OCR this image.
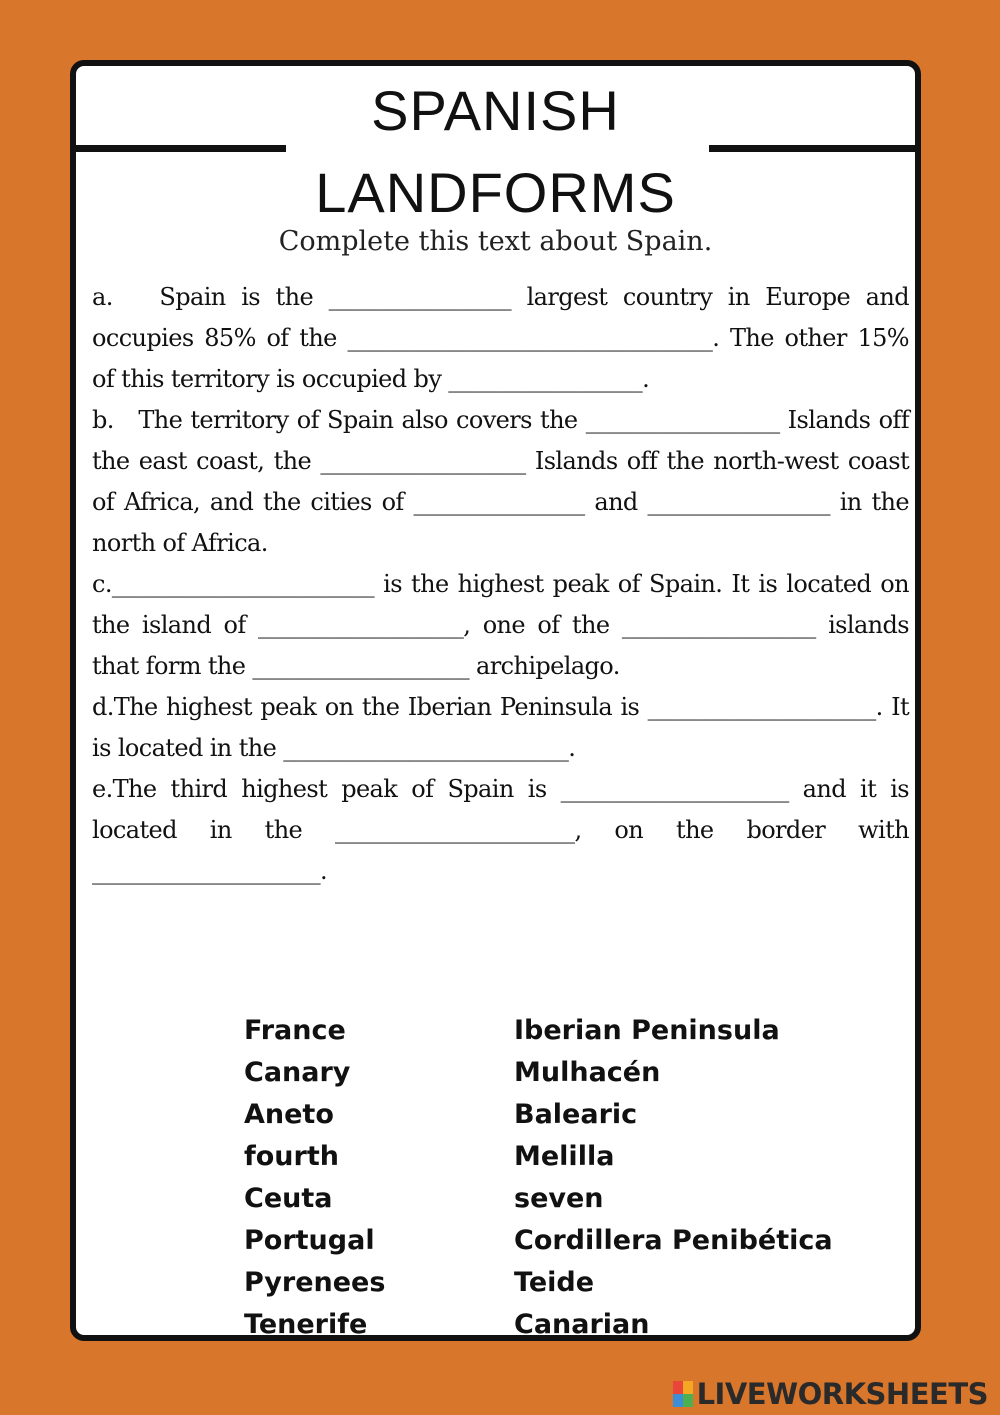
SPANISH
LANDFORMS
Complete this text about Spain.

a.   Spain is the ________________ largest country in Europe and occupies 85% of the ________________________________. The other 15% of this territory is occupied by _________________.

b.   The territory of Spain also covers the _________________ Islands off the east coast, the __________________ Islands off the north-west coast of Africa, and the cities of _______________ and ________________ in the north of Africa.

c._______________________ is the highest peak of Spain. It is located on the island of __________________, one of the _________________ islands that form the ___________________ archipelago.

d.The highest peak on the Iberian Peninsula is ____________________. It is located in the _________________________.

e.The third highest peak of Spain is ____________________ and it is located in the _____________________, on the border with ____________________.

France	Iberian Peninsula
Canary	Mulhacén
Aneto	Balearic
fourth	Melilla
Ceuta	seven
Portugal	Cordillera Penibética
Pyrenees	Teide
Tenerife	Canarian
LIVEWORKSHEETS
